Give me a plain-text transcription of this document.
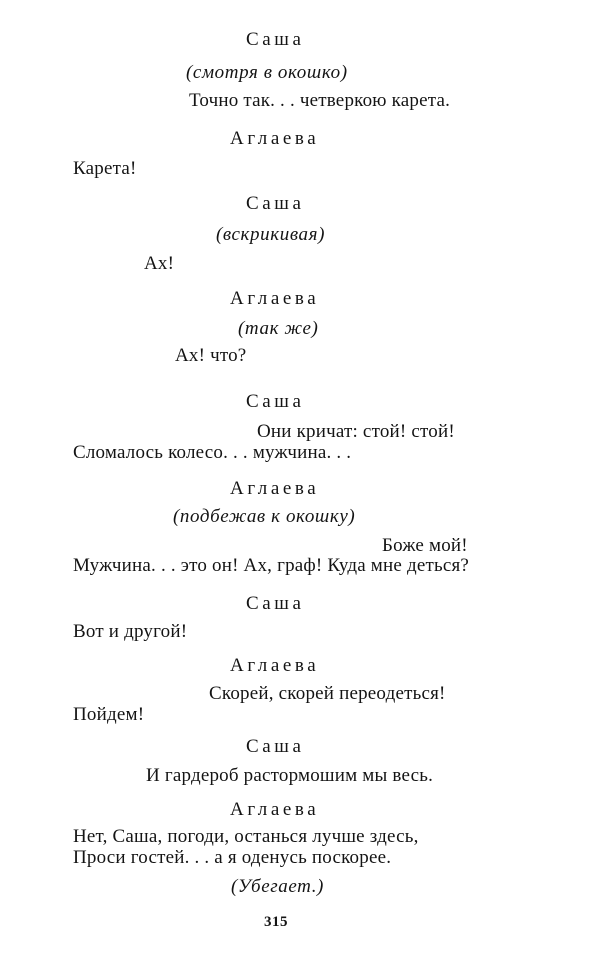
Саша
(смотря в окошко)
Точно так. . . четверкою карета.
Аглаева
Карета!
Саша
(вскрикивая)
Ах!
Аглаева
(так же)
Ах! что?
Саша
Они кричат: стой! стой!
Сломалось колесо. . . мужчина. . .
Аглаева
(подбежав к окошку)
Боже мой!
Мужчина. . . это он! Ах, граф! Куда мне деться?
Саша
Вот и другой!
Аглаева
Скорей, скорей переодеться!
Пойдем!
Саша
И гардероб растормошим мы весь.
Аглаева
Нет, Саша, погоди, останься лучше здесь,
Проси гостей. . . а я оденусь поскорее.
(Убегает.)
315
